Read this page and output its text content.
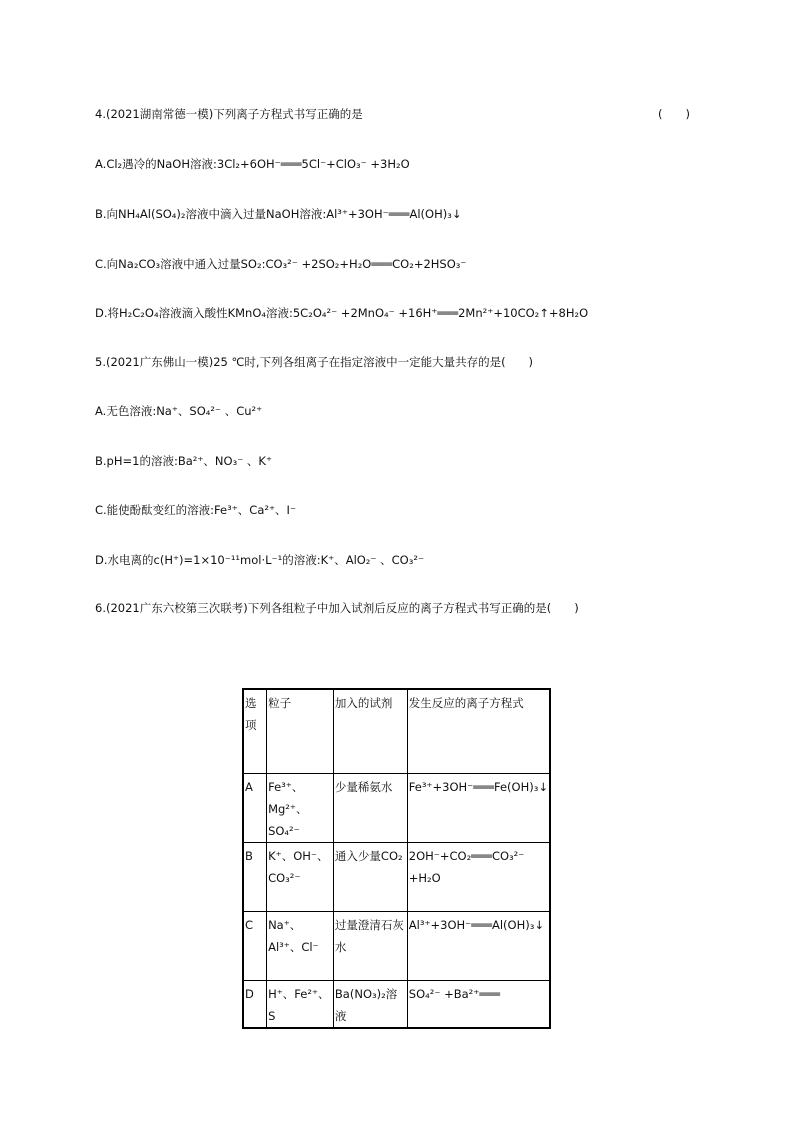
4.(2021湖南常德一模)下列离子方程式书写正确的是	(　　)
A.Cl₂遇冷的NaOH溶液:3Cl₂+6OH⁻═══5Cl⁻+ClO₃⁻ +3H₂O
B.向NH₄Al(SO₄)₂溶液中滴入过量NaOH溶液:Al³⁺+3OH⁻═══Al(OH)₃↓
C.向Na₂CO₃溶液中通入过量SO₂:CO₃²⁻ +2SO₂+H₂O═══CO₂+2HSO₃⁻
D.将H₂C₂O₄溶液滴入酸性KMnO₄溶液:5C₂O₄²⁻ +2MnO₄⁻ +16H⁺═══2Mn²⁺+10CO₂↑+8H₂O
5.(2021广东佛山一模)25 ℃时,下列各组离子在指定溶液中一定能大量共存的是(　　)
A.无色溶液:Na⁺、SO₄²⁻ 、Cu²⁺
B.pH=1的溶液:Ba²⁺、NO₃⁻ 、K⁺
C.能使酚酞变红的溶液:Fe³⁺、Ca²⁺、I⁻
D.水电离的c(H⁺)=1×10⁻¹¹mol·L⁻¹的溶液:K⁺、AlO₂⁻ 、CO₃²⁻
6.(2021广东六校第三次联考)下列各组粒子中加入试剂后反应的离子方程式书写正确的是(　　)
选项	粒子	加入的试剂	发生反应的离子方程式

A	Fe³⁺、Mg²⁺、SO₄²⁻	少量稀氨水	Fe³⁺+3OH⁻═══Fe(OH)₃↓

B	K⁺、OH⁻、CO₃²⁻	通入少量CO₂	2OH⁻+CO₂═══CO₃²⁻ +H₂O

C	Na⁺、Al³⁺、Cl⁻	过量澄清石灰水	Al³⁺+3OH⁻═══Al(OH)₃↓

D	H⁺、Fe²⁺、S	Ba(NO₃)₂溶液	SO₄²⁻ +Ba²⁺═══
